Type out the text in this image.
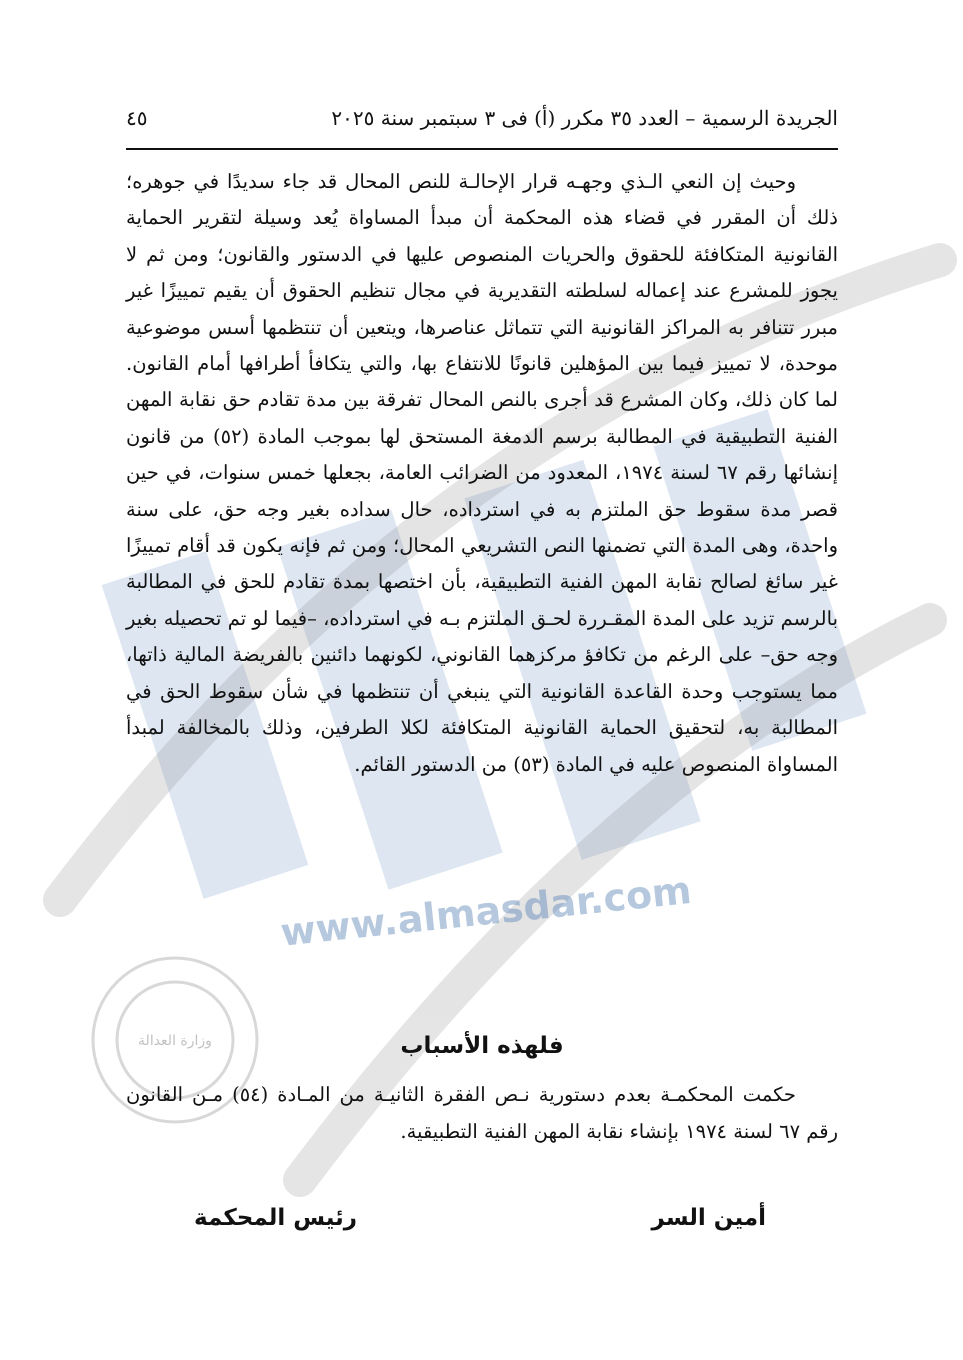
www.almasdar.com
وزارة العدالة
الجريدة الرسمية – العدد ٣٥ مكرر (أ) فى ٣ سبتمبر سنة ٢٠٢٥
٤٥

وحيث إن النعي الـذي وجهـه قرار الإحالـة للنص المحال قد جاء سديدًا في جوهره؛ ذلك أن المقرر في قضاء هذه المحكمة أن مبدأ المساواة يُعد وسيلة لتقرير الحماية القانونية المتكافئة للحقوق والحريات المنصوص عليها في الدستور والقانون؛ ومن ثم لا يجوز للمشرع عند إعماله لسلطته التقديرية في مجال تنظيم الحقوق أن يقيم تمييزًا غير مبرر تتنافر به المراكز القانونية التي تتماثل عناصرها، ويتعين أن تنتظمها أسس موضوعية موحدة، لا تمييز فيما بين المؤهلين قانونًا للانتفاع بها، والتي يتكافأ أطرافها أمام القانون. لما كان ذلك، وكان المشرع قد أجرى بالنص المحال تفرقة بين مدة تقادم حق نقابة المهن الفنية التطبيقية في المطالبة برسم الدمغة المستحق لها بموجب المادة (٥٢) من قانون إنشائها رقم ٦٧ لسنة ١٩٧٤، المعدود من الضرائب العامة، بجعلها خمس سنوات، في حين قصر مدة سقوط حق الملتزم به في استرداده، حال سداده بغير وجه حق، على سنة واحدة، وهى المدة التي تضمنها النص التشريعي المحال؛ ومن ثم فإنه يكون قد أقام تمييزًا غير سائغ لصالح نقابة المهن الفنية التطبيقية، بأن اختصها بمدة تقادم للحق في المطالبة بالرسم تزيد على المدة المقـررة لحـق الملتزم بـه في استرداده، –فيما لو تم تحصيله بغير وجه حق– على الرغم من تكافؤ مركزهما القانوني، لكونهما دائنين بالفريضة المالية ذاتها، مما يستوجب وحدة القاعدة القانونية التي ينبغي أن تنتظمها في شأن سقوط الحق في المطالبة به، لتحقيق الحماية القانونية المتكافئة لكلا الطرفين، وذلك بالمخالفة لمبدأ المساواة المنصوص عليه في المادة (٥٣) من الدستور القائم.

فلهذه الأسباب

حكمت المحكمـة بعدم دستورية نـص الفقرة الثانيـة من المـادة (٥٤) مـن القانون رقم ٦٧ لسنة ١٩٧٤ بإنشاء نقابة المهن الفنية التطبيقية.

أمين السر
رئيس المحكمة
